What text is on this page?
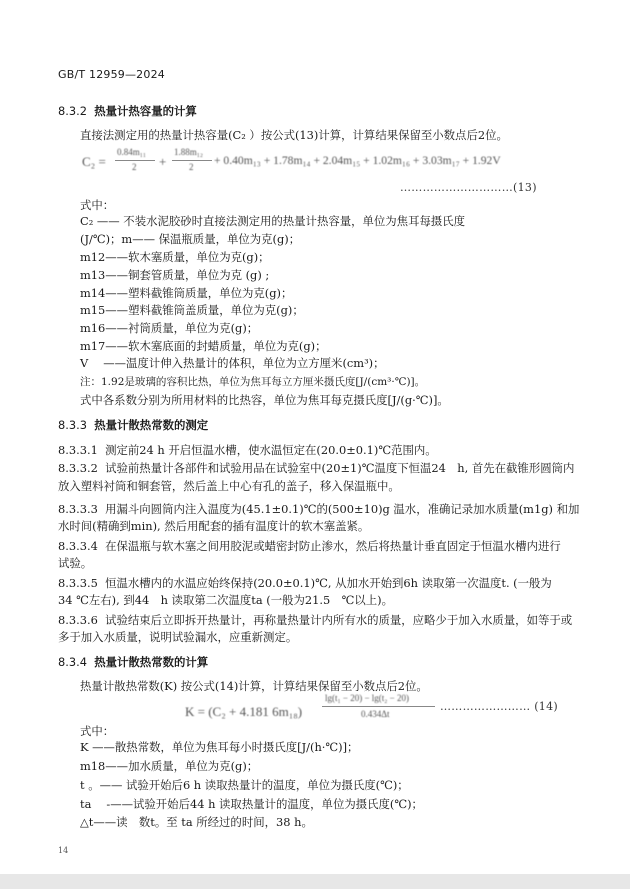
GB/T 12959—2024
8.3.2 热量计热容量的计算
直接法测定用的热量计热容量(C₂ ）按公式(13)计算，计算结果保留至小数点后2位。
C₂ =
0.84m₁₁
2 +
1.88m₁₂
2 + 0.40m₁₃ + 1.78m₁₄ + 2.04m₁₅ + 1.02m₁₆ + 3.03m₁₇ + 1.92V
…………………………(13)
式中：
C₂ —— 不装水泥胶砂时直接法测定用的热量计热容量，单位为焦耳每摄氏度
(J/℃)；m—— 保温瓶质量，单位为克(g)；
m12——软木塞质量，单位为克(g)；
m13——铜套管质量，单位为克 (g) ;
m14——塑料截锥筒质量，单位为克(g)；
m15——塑料截锥筒盖质量，单位为克(g)；
m16——衬筒质量，单位为克(g)；
m17——软木塞底面的封蜡质量，单位为克(g)；
V　 ——温度计伸入热量计的体积，单位为立方厘米(cm³)；
注：1.92是玻璃的容积比热，单位为焦耳每立方厘米摄氏度[J/(cm³·℃)]。
式中各系数分别为所用材料的比热容，单位为焦耳每克摄氏度[J/(g·℃)]。
8.3.3 热量计散热常数的测定
8.3.3.1 测定前24 h 开启恒温水槽，使水温恒定在(20.0±0.1)℃范围内。
8.3.3.2 试验前热量计各部件和试验用品在试验室中(20±1)℃温度下恒温24　h, 首先在截锥形圆筒内
放入塑料衬筒和铜套管，然后盖上中心有孔的盖子，移入保温瓶中。
8.3.3.3 用漏斗向圆筒内注入温度为(45.1±0.1)℃的(500±10)g 温水，准确记录加水质量(m1g) 和加
水时间(精确到min), 然后用配套的插有温度计的软木塞盖紧。
8.3.3.4 在保温瓶与软木塞之间用胶泥或蜡密封防止渗水，然后将热量计垂直固定于恒温水槽内进行
试验。
8.3.3.5 恒温水槽内的水温应始终保持(20.0±0.1)℃, 从加水开始到6h 读取第一次温度t. (一般为
34 ℃左右), 到44　h 读取第二次温度ta (一般为21.5　℃以上)。
8.3.3.6 试验结束后立即拆开热量计，再称量热量计内所有水的质量，应略少于加入水质量，如等于或
多于加入水质量，说明试验漏水，应重新测定。
8.3.4 热量计散热常数的计算
热量计散热常数(K) 按公式(14)计算，计算结果保留至小数点后2位。
K = (C₂ + 4.181 6m₁₈)
lg(t₁ − 20) − lg(t₂ − 20)
0.434Δt
…………………… (14)
式中：
K ——散热常数，单位为焦耳每小时摄氏度[J/(h·℃)]；
m18——加水质量，单位为克(g)；
t 。—— 试验开始后6 h 读取热量计的温度，单位为摄氏度(℃)；
ta　 -——试验开始后44 h 读取热量计的温度，单位为摄氏度(℃)；
△t——读　数t。至 ta 所经过的时间，38 h。
14
